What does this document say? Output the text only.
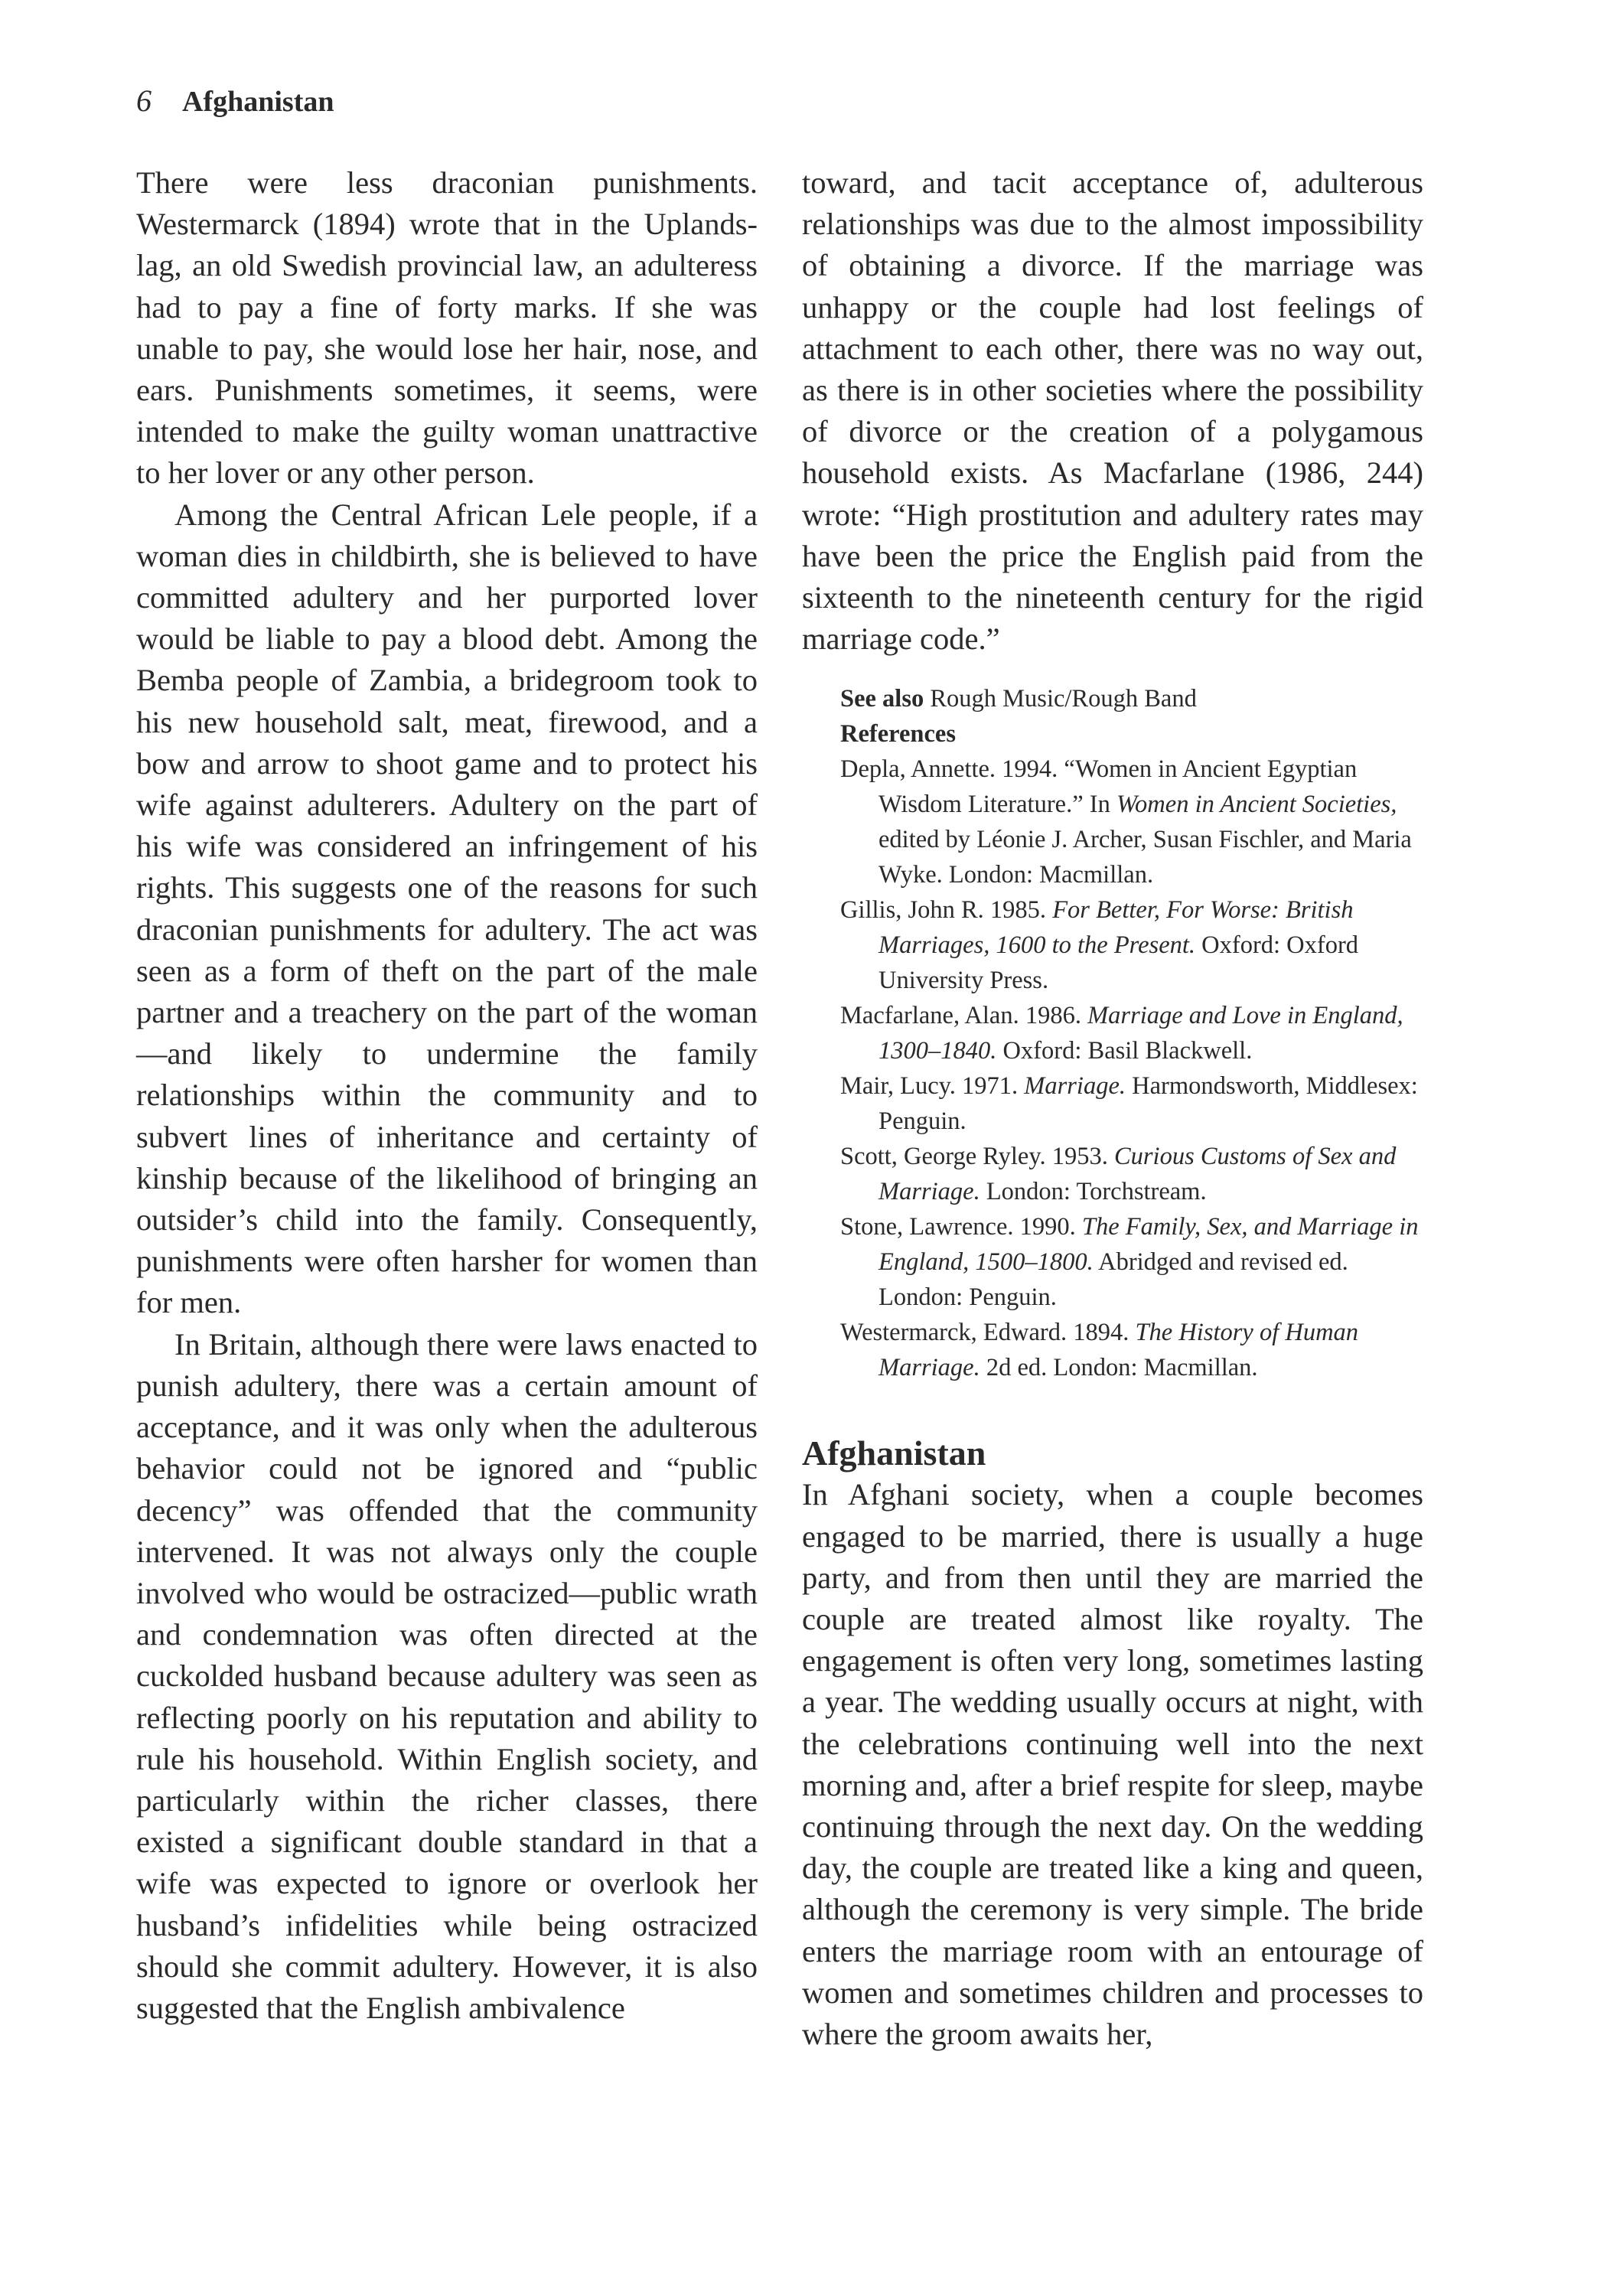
6 Afghanistan

There were less draconian punishments. Westermarck (1894) wrote that in the Uplands-lag, an old Swedish provincial law, an adulteress had to pay a fine of forty marks. If she was unable to pay, she would lose her hair, nose, and ears. Punishments sometimes, it seems, were intended to make the guilty woman unattractive to her lover or any other person.

Among the Central African Lele people, if a woman dies in childbirth, she is believed to have committed adultery and her purported lover would be liable to pay a blood debt. Among the Bemba people of Zambia, a bridegroom took to his new household salt, meat, firewood, and a bow and arrow to shoot game and to protect his wife against adulterers. Adultery on the part of his wife was considered an infringement of his rights. This suggests one of the reasons for such draconian punishments for adultery. The act was seen as a form of theft on the part of the male partner and a treachery on the part of the woman—and likely to undermine the family relationships within the community and to subvert lines of inheritance and certainty of kinship because of the likelihood of bringing an outsider’s child into the family. Consequently, punishments were often harsher for women than for men.

In Britain, although there were laws enacted to punish adultery, there was a certain amount of acceptance, and it was only when the adulterous behavior could not be ignored and “public decency” was offended that the community intervened. It was not always only the couple involved who would be ostracized—public wrath and condemnation was often directed at the cuckolded husband because adultery was seen as reflecting poorly on his reputation and ability to rule his household. Within English society, and particularly within the richer classes, there existed a significant double standard in that a wife was expected to ignore or overlook her husband’s infidelities while being ostracized should she commit adultery. However, it is also suggested that the English ambivalence

toward, and tacit acceptance of, adulterous relationships was due to the almost impossibility of obtaining a divorce. If the marriage was unhappy or the couple had lost feelings of attachment to each other, there was no way out, as there is in other societies where the possibility of divorce or the creation of a polygamous household exists. As Macfarlane (1986, 244) wrote: “High prostitution and adultery rates may have been the price the English paid from the sixteenth to the nineteenth century for the rigid marriage code.”

See also Rough Music/Rough Band
References
Depla, Annette. 1994. “Women in Ancient Egyptian Wisdom Literature.” In Women in Ancient Societies, edited by Léonie J. Archer, Susan Fischler, and Maria Wyke. London: Macmillan.
Gillis, John R. 1985. For Better, For Worse: British Marriages, 1600 to the Present. Oxford: Oxford University Press.
Macfarlane, Alan. 1986. Marriage and Love in England, 1300–1840. Oxford: Basil Blackwell.
Mair, Lucy. 1971. Marriage. Harmondsworth, Middlesex: Penguin.
Scott, George Ryley. 1953. Curious Customs of Sex and Marriage. London: Torchstream.
Stone, Lawrence. 1990. The Family, Sex, and Marriage in England, 1500–1800. Abridged and revised ed. London: Penguin.
Westermarck, Edward. 1894. The History of Human Marriage. 2d ed. London: Macmillan.
Afghanistan

In Afghani society, when a couple becomes engaged to be married, there is usually a huge party, and from then until they are married the couple are treated almost like royalty. The engagement is often very long, sometimes lasting a year. The wedding usually occurs at night, with the celebrations continuing well into the next morning and, after a brief respite for sleep, maybe continuing through the next day. On the wedding day, the couple are treated like a king and queen, although the ceremony is very simple. The bride enters the marriage room with an entourage of women and sometimes children and processes to where the groom awaits her,
